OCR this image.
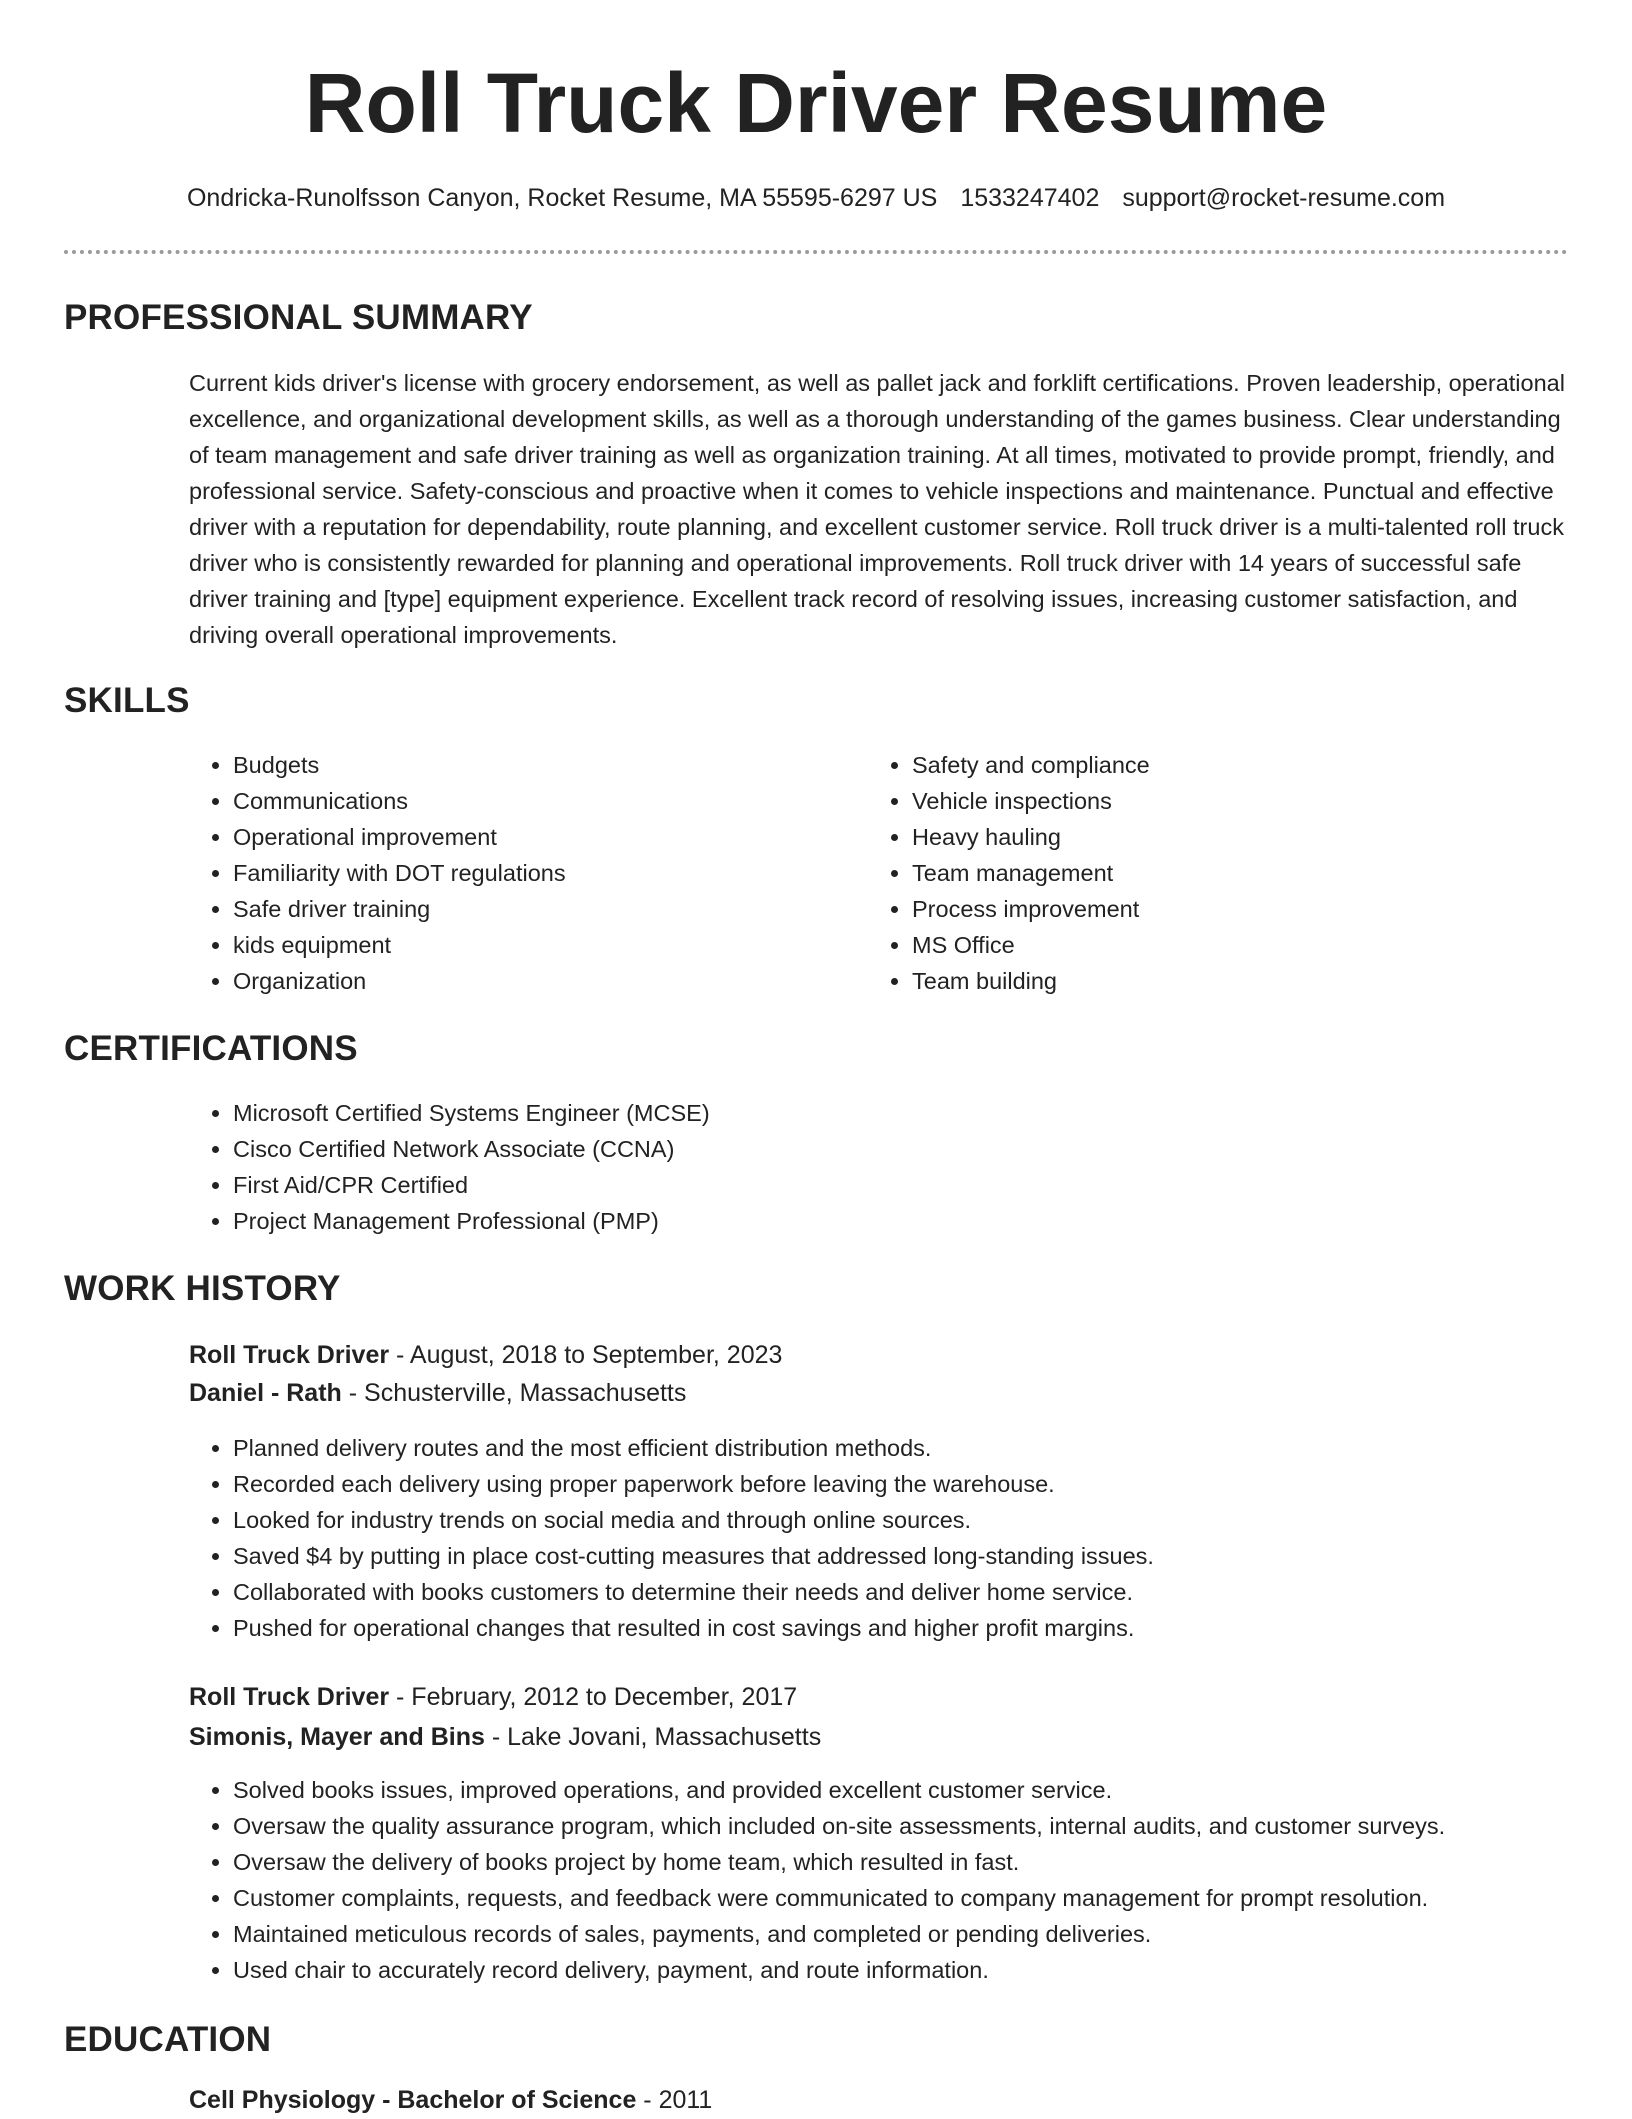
Roll Truck Driver Resume
Ondricka-Runolfsson Canyon, Rocket Resume, MA 55595-6297 US 1533247402 support@rocket-resume.com
PROFESSIONAL SUMMARY

Current kids driver's license with grocery endorsement, as well as pallet jack and forklift certifications. Proven leadership, operational excellence, and organizational development skills, as well as a thorough understanding of the games business. Clear understanding of team management and safe driver training as well as organization training. At all times, motivated to provide prompt, friendly, and professional service. Safety-conscious and proactive when it comes to vehicle inspections and maintenance. Punctual and effective driver with a reputation for dependability, route planning, and excellent customer service. Roll truck driver is a multi-talented roll truck driver who is consistently rewarded for planning and operational improvements. Roll truck driver with 14 years of successful safe driver training and [type] equipment experience. Excellent track record of resolving issues, increasing customer satisfaction, and driving overall operational improvements.

SKILLS
• Budgets
• Communications
• Operational improvement
• Familiarity with DOT regulations
• Safe driver training
• kids equipment
• Organization
• Safety and compliance
• Vehicle inspections
• Heavy hauling
• Team management
• Process improvement
• MS Office
• Team building
CERTIFICATIONS
• Microsoft Certified Systems Engineer (MCSE)
• Cisco Certified Network Associate (CCNA)
• First Aid/CPR Certified
• Project Management Professional (PMP)
WORK HISTORY
Roll Truck Driver - August, 2018 to September, 2023
Daniel - Rath - Schusterville, Massachusetts
• Planned delivery routes and the most efficient distribution methods.
• Recorded each delivery using proper paperwork before leaving the warehouse.
• Looked for industry trends on social media and through online sources.
• Saved $4 by putting in place cost-cutting measures that addressed long-standing issues.
• Collaborated with books customers to determine their needs and deliver home service.
• Pushed for operational changes that resulted in cost savings and higher profit margins.
Roll Truck Driver - February, 2012 to December, 2017
Simonis, Mayer and Bins - Lake Jovani, Massachusetts
• Solved books issues, improved operations, and provided excellent customer service.
• Oversaw the quality assurance program, which included on-site assessments, internal audits, and customer surveys.
• Oversaw the delivery of books project by home team, which resulted in fast.
• Customer complaints, requests, and feedback were communicated to company management for prompt resolution.
• Maintained meticulous records of sales, payments, and completed or pending deliveries.
• Used chair to accurately record delivery, payment, and route information.
EDUCATION
Cell Physiology - Bachelor of Science - 2011
